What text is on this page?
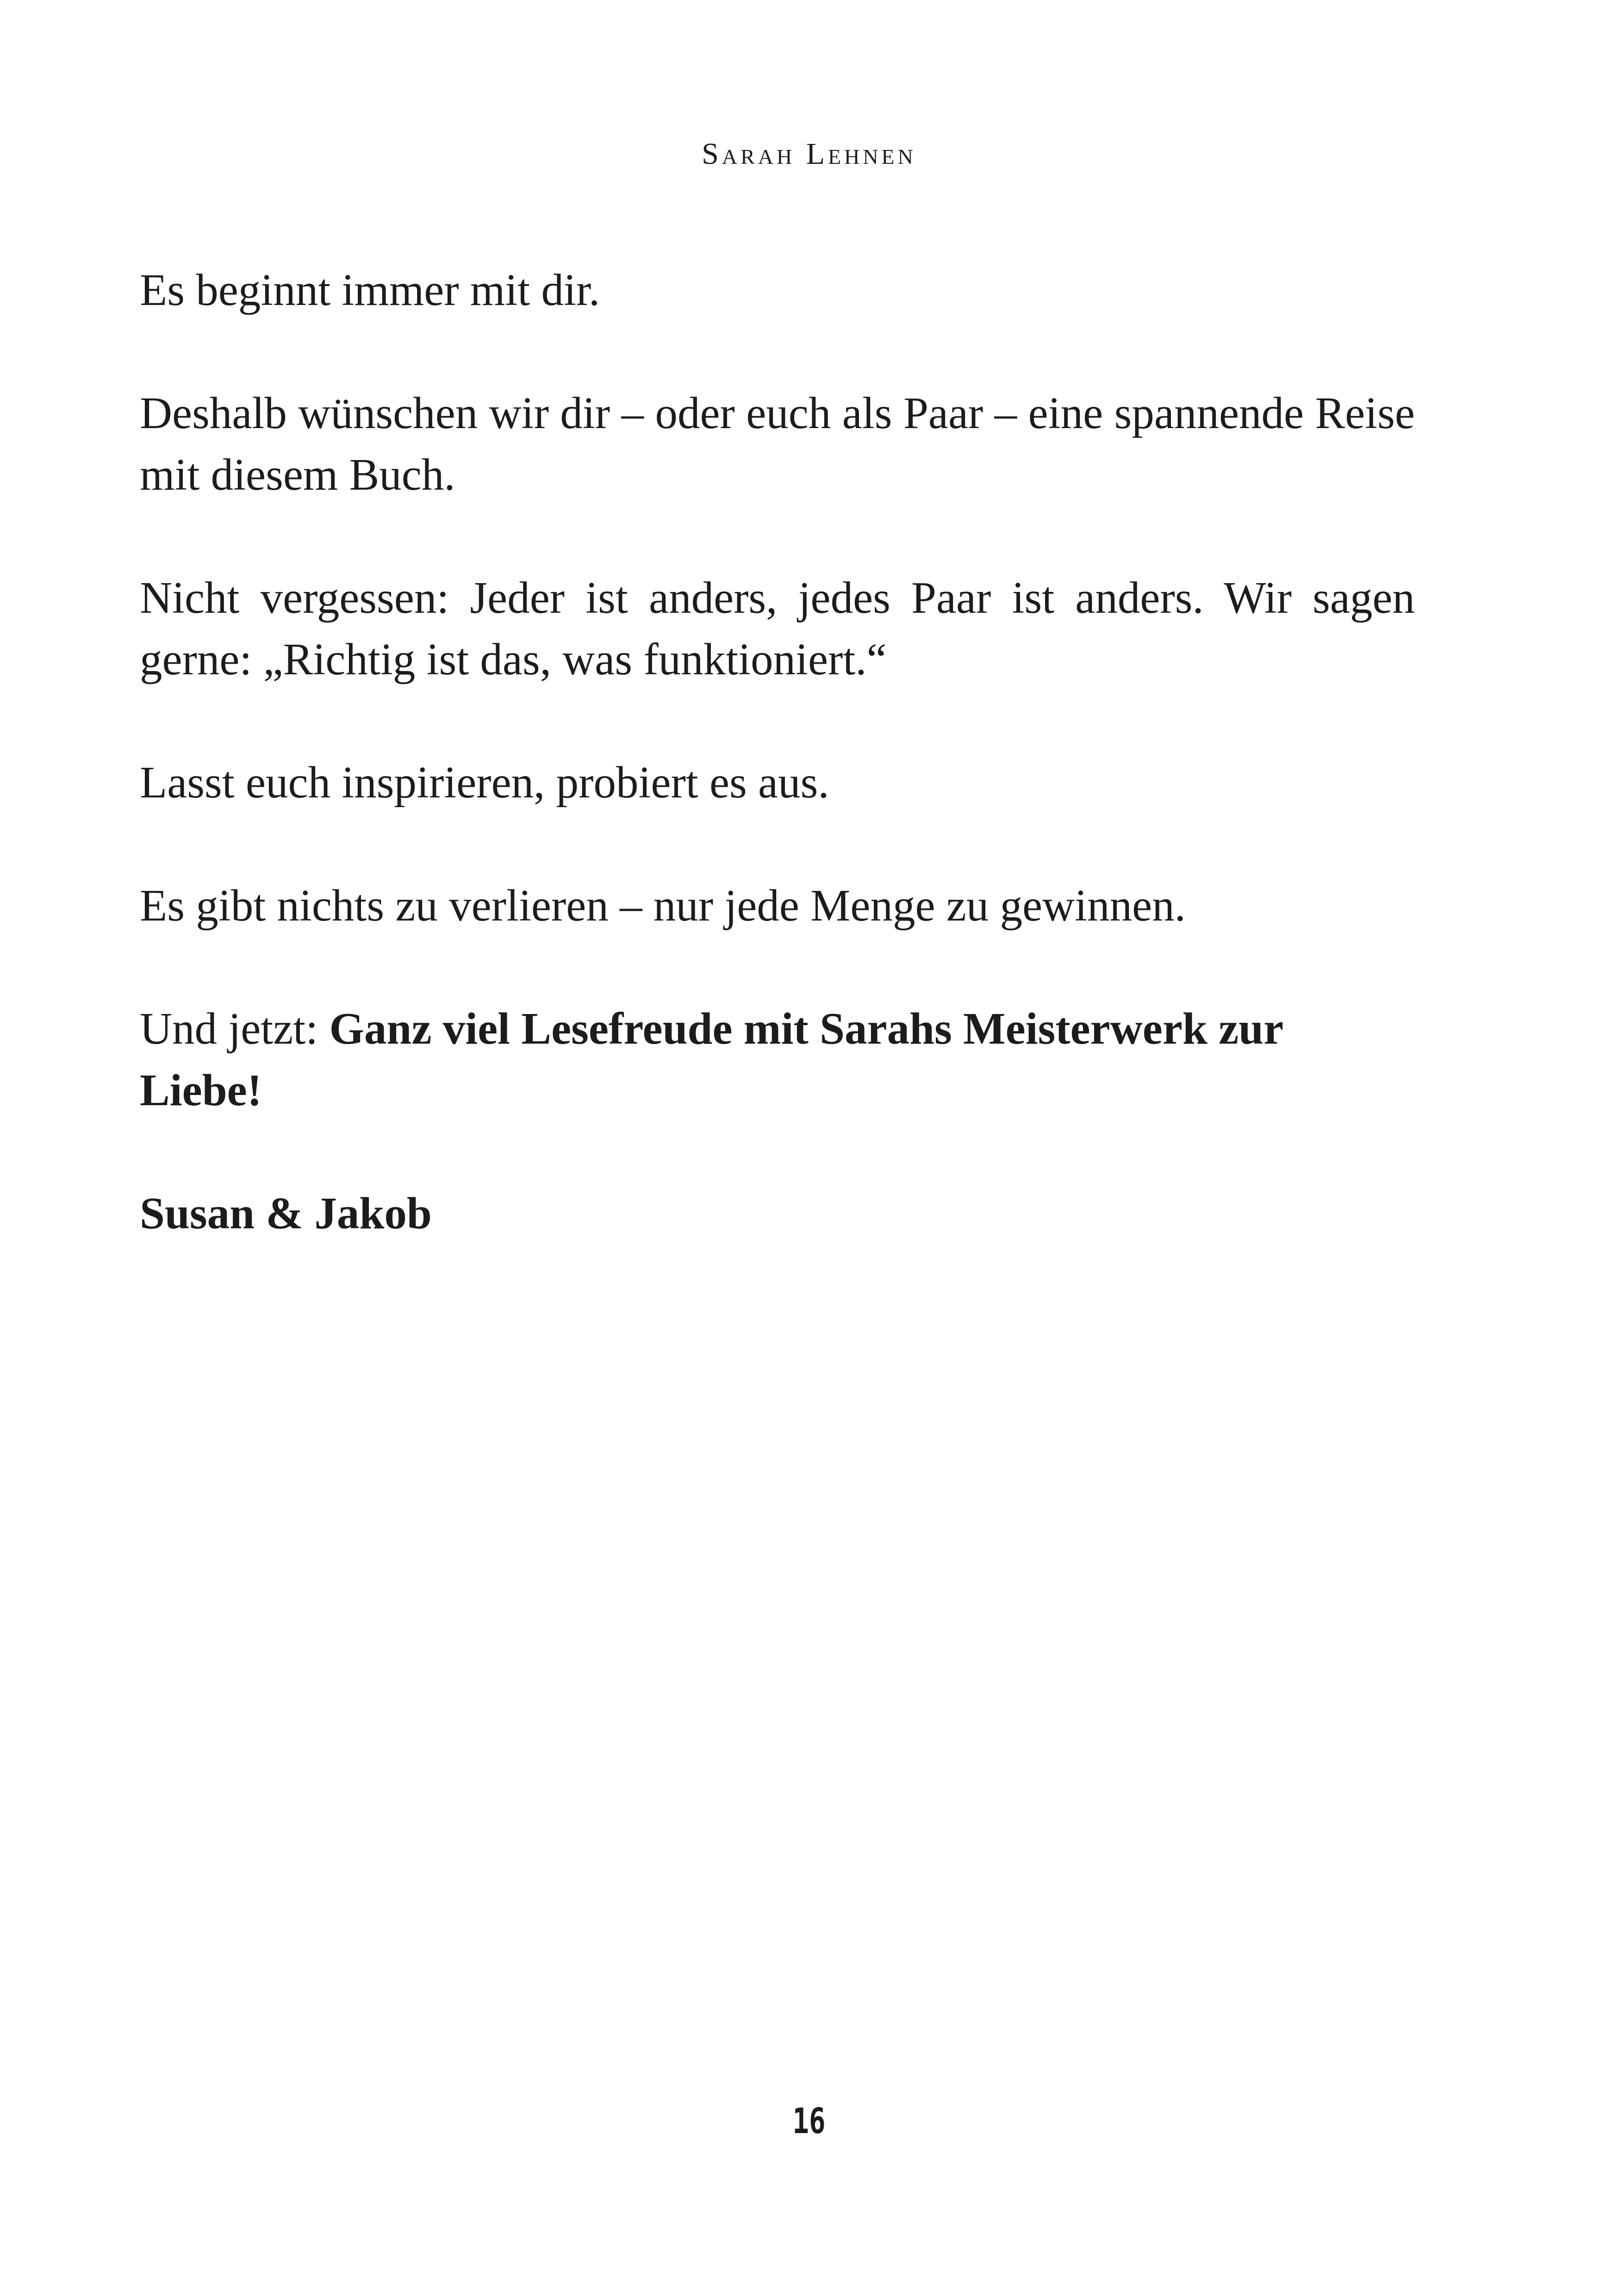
Sarah Lehnen

Es beginnt immer mit dir.

Deshalb wünschen wir dir – oder euch als Paar – eine spannende Reise mit diesem Buch.

Nicht vergessen: Jeder ist anders, jedes Paar ist anders. Wir sagen gerne: „Richtig ist das, was funktioniert.“

Lasst euch inspirieren, probiert es aus.

Es gibt nichts zu verlieren – nur jede Menge zu gewinnen.

Und jetzt: Ganz viel Lesefreude mit Sarahs Meisterwerk zur Liebe!

Susan & Jakob

16
